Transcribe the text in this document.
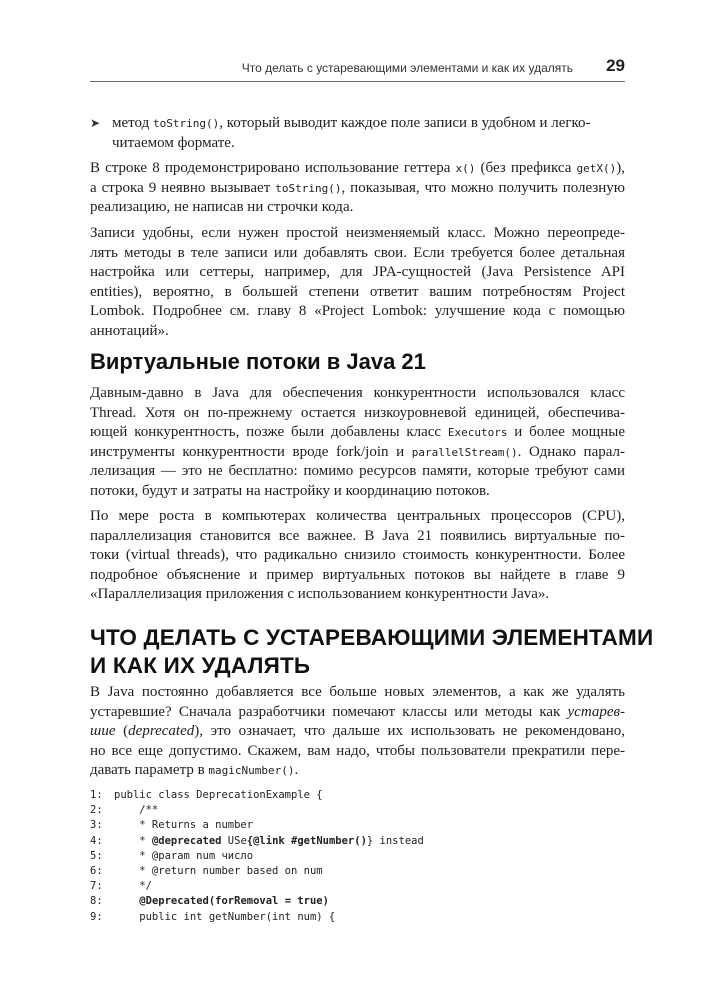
Что делать с устаревающими элементами и как их удалять 29
➤ метод toString(), который выводит каждое поле записи в удобном и легко- читаемом формате.
В строке 8 продемонстрировано использование геттера x() (без префикса getX()),
а строка 9 неявно вызывает toString(), показывая, что можно получить полезную
реализацию, не написав ни строчки кода.
Записи удобны, если нужен простой неизменяемый класс. Можно переопреде-
лять методы в теле записи или добавлять свои. Если требуется более детальная
настройка или сеттеры, например, для JPA-сущностей (Java Persistence API
entities), вероятно, в большей степени ответит вашим потребностям Project
Lombok. Подробнее см. главу 8 «Project Lombok: улучшение кода с помощью
аннотаций».
Виртуальные потоки в Java 21
Давным-давно в Java для обеспечения конкурентности использовался класс
Thread. Хотя он по-прежнему остается низкоуровневой единицей, обеспечива-
ющей конкурентность, позже были добавлены класс Executors и более мощные
инструменты конкурентности вроде fork/join и parallelStream(). Однако парал-
лелизация — это не бесплатно: помимо ресурсов памяти, которые требуют сами
потоки, будут и затраты на настройку и координацию потоков.
По мере роста в компьютерах количества центральных процессоров (CPU),
параллелизация становится все важнее. В Java 21 появились виртуальные по-
токи (virtual threads), что радикально снизило стоимость конкурентности. Более
подробное объяснение и пример виртуальных потоков вы найдете в главе 9
«Параллелизация приложения с использованием конкурентности Java».
ЧТО ДЕЛАТЬ С УСТАРЕВАЮЩИМИ ЭЛЕМЕНТАМИ
И КАК ИХ УДАЛЯТЬ
В Java постоянно добавляется все больше новых элементов, а как же удалять
устаревшие? Сначала разработчики помечают классы или методы как устарев-
шие (deprecated), это означает, что дальше их использовать не рекомендовано,
но все еще допустимо. Скажем, вам надо, чтобы пользователи прекратили пере-
давать параметр в magicNumber().
1:	public class DeprecationExample {
2:	/**
3:	* Returns a number
4:	* @deprecated USe{@link #getNumber()} instead
5:	* @param num число
6:	* @return number based on num
7:	*/
8:	@Deprecated(forRemoval = true)
9:	public int getNumber(int num) {
